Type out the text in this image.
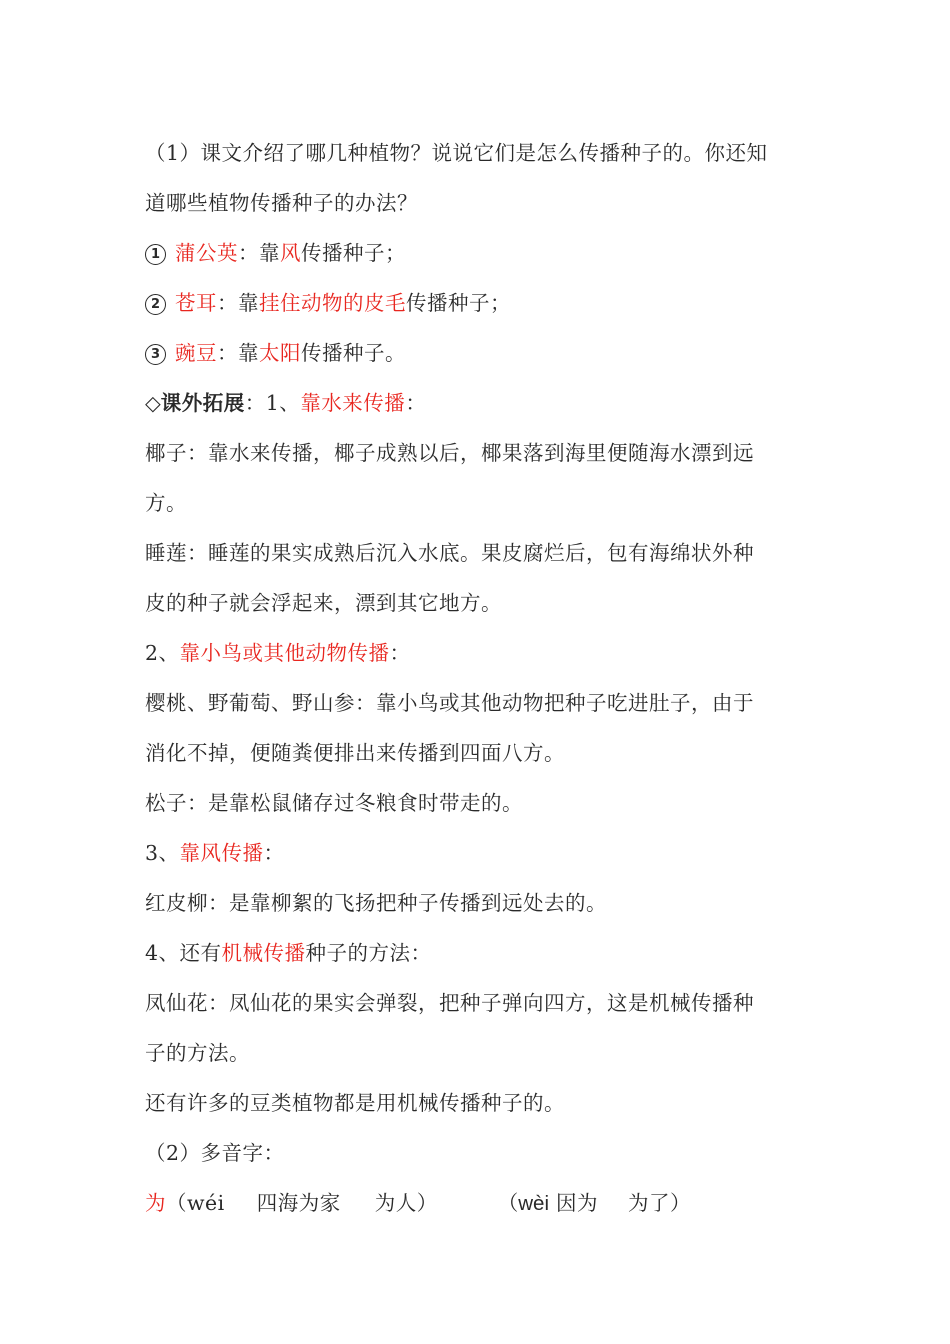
（1）课文介绍了哪几种植物？说说它们是怎么传播种子的。你还知
道哪些植物传播种子的办法？
1 蒲公英：靠风传播种子；
2 苍耳：靠挂住动物的皮毛传播种子；
3 豌豆：靠太阳传播种子。
◇课外拓展：1、靠水来传播：
椰子：靠水来传播，椰子成熟以后，椰果落到海里便随海水漂到远
方。
睡莲：睡莲的果实成熟后沉入水底。果皮腐烂后，包有海绵状外种
皮的种子就会浮起来，漂到其它地方。
2、靠小鸟或其他动物传播：
樱桃、野葡萄、野山参：靠小鸟或其他动物把种子吃进肚子，由于
消化不掉，便随粪便排出来传播到四面八方。
松子：是靠松鼠储存过冬粮食时带走的。
3、靠风传播：
红皮柳：是靠柳絮的飞扬把种子传播到远处去的。
4、还有机械传播种子的方法：
凤仙花：凤仙花的果实会弹裂，把种子弹向四方，这是机械传播种
子的方法。
还有许多的豆类植物都是用机械传播种子的。
（2）多音字：
为（wéi 四海为家 为人）	（wèi 因为 为了）
